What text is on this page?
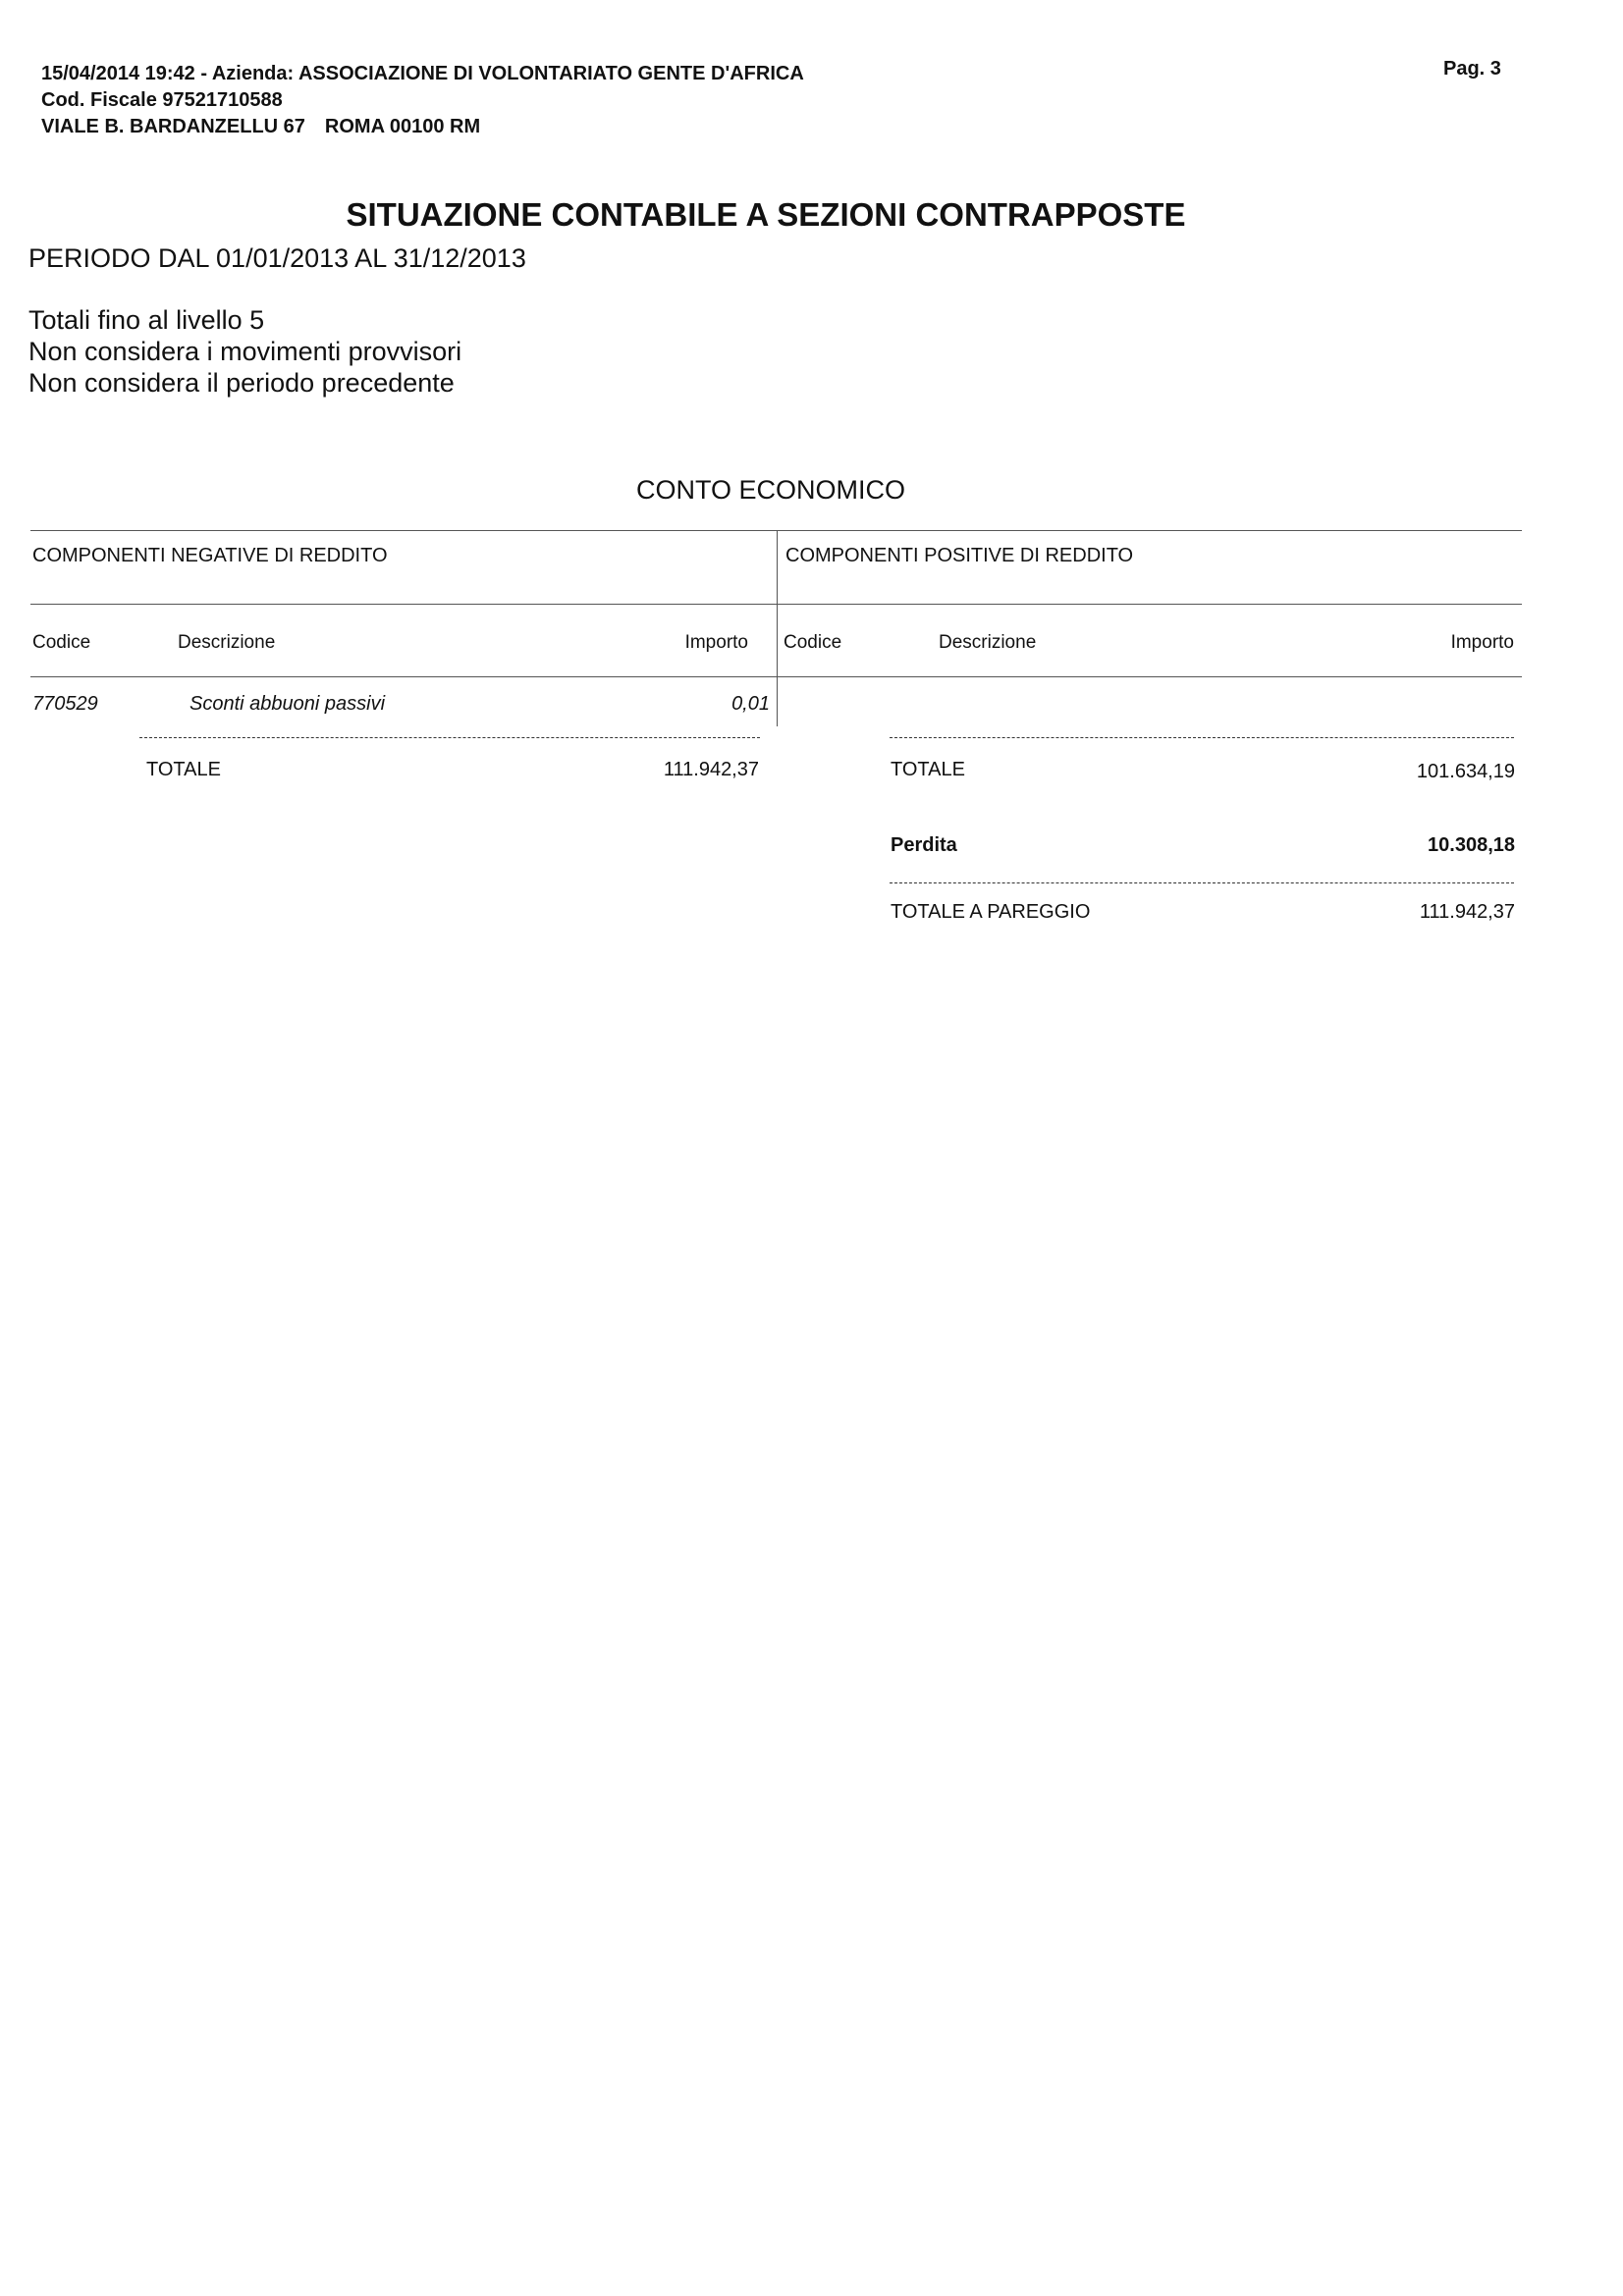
15/04/2014 19:42 - Azienda: ASSOCIAZIONE DI VOLONTARIATO GENTE D'AFRICA
Cod. Fiscale 97521710588
VIALE B. BARDANZELLU 67 ROMA 00100 RM
Pag. 3
SITUAZIONE CONTABILE A SEZIONI CONTRAPPOSTE
PERIODO DAL 01/01/2013 AL 31/12/2013
Totali fino al livello 5
Non considera i movimenti provvisori
Non considera il periodo precedente
CONTO ECONOMICO
COMPONENTI NEGATIVE DI REDDITO	COMPONENTI POSITIVE DI REDDITO
Codice	Descrizione	Importo Codice	Descrizione	Importo
770529	Sconti abbuoni passivi	0,01
TOTALE	111.942,37	TOTALE	101.634,19
Perdita	10.308,18
TOTALE A PAREGGIO	111.942,37
